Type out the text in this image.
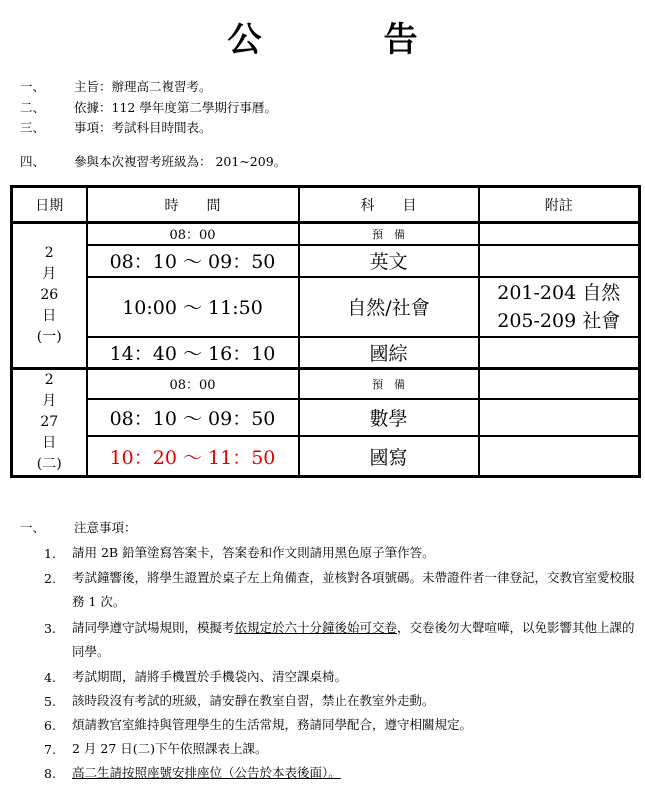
公　告
一、 主旨：辦理高二複習考。
二、 依據：112 學年度第二學期行事曆。
三、 事項：考試科目時間表。
四、 參與本次複習考班級為： 201~209。
日期	時　　間	科　　目	附註

2
月
26
日
(一)	08：00	預　備	
	08：10 ～ 09：50	英文	
	10:00 ～ 11:50	自然/社會	201-204 自然
205-209 社會

	14：40 ～ 16：10	國綜	

2
月
27
日
(二)	08：00	預　備	
	08：10 ～ 09：50	數學	
	10：20 ～ 11：50	國寫	
一、 注意事項：
1. 請用 2B 鉛筆塗寫答案卡，答案卷和作文則請用黑色原子筆作答。
2. 考試鐘響後，將學生證置於桌子左上角備查，並核對各項號碼。未帶證件者一律登記，交教官室愛校服務 1 次。
3. 請同學遵守試場規則，模擬考依規定於六十分鐘後始可交卷，交卷後勿大聲喧嘩，以免影響其他上課的同學。
4. 考試期間，請將手機置於手機袋內、清空課桌椅。
5. 該時段沒有考試的班級，請安靜在教室自習，禁止在教室外走動。
6. 煩請教官室維持與管理學生的生活常規，務請同學配合，遵守相關規定。
7. 2 月 27 日(二)下午依照課表上課。
8. 高二生請按照座號安排座位（公告於本表後面）。
